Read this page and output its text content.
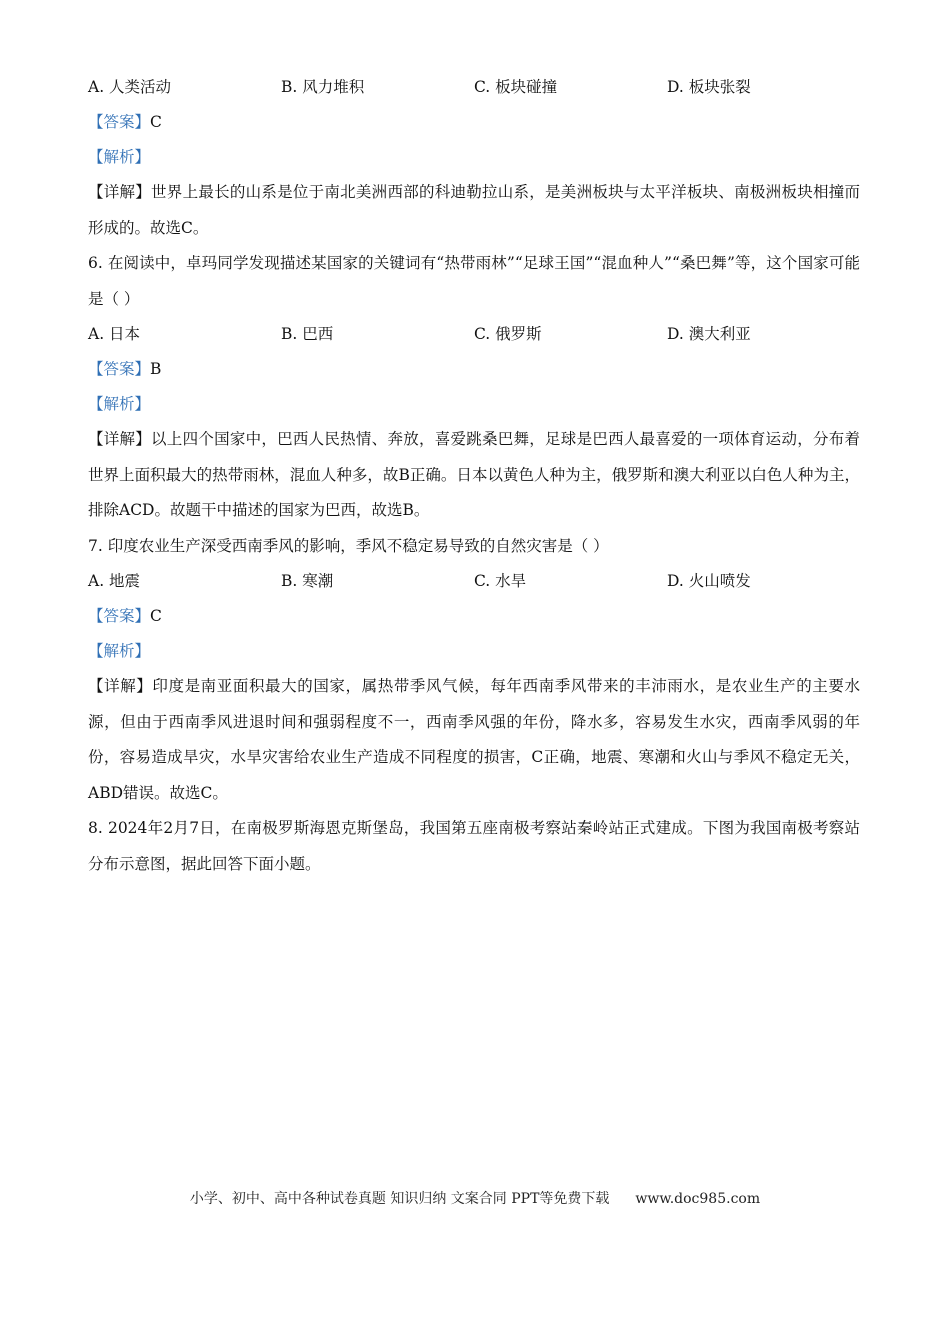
A. 人类活动	B. 风力堆积	C. 板块碰撞	D. 板块张裂
【答案】C
【解析】
【详解】世界上最长的山系是位于南北美洲西部的科迪勒拉山系，是美洲板块与太平洋板块、南极洲板块相撞而形成的。故选C。
6. 在阅读中，卓玛同学发现描述某国家的关键词有“热带雨林”“足球王国”“混血种人”“桑巴舞”等，这个国家可能是（ ）
A. 日本	B. 巴西	C. 俄罗斯	D. 澳大利亚
【答案】B
【解析】
【详解】以上四个国家中，巴西人民热情、奔放，喜爱跳桑巴舞，足球是巴西人最喜爱的一项体育运动，分布着世界上面积最大的热带雨林，混血人种多，故B正确。日本以黄色人种为主，俄罗斯和澳大利亚以白色人种为主，排除ACD。故题干中描述的国家为巴西，故选B。
7. 印度农业生产深受西南季风的影响，季风不稳定易导致的自然灾害是（ ）
A. 地震	B. 寒潮	C. 水旱	D. 火山喷发
【答案】C
【解析】
【详解】印度是南亚面积最大的国家，属热带季风气候，每年西南季风带来的丰沛雨水，是农业生产的主要水源，但由于西南季风进退时间和强弱程度不一，西南季风强的年份，降水多，容易发生水灾，西南季风弱的年份，容易造成旱灾，水旱灾害给农业生产造成不同程度的损害，C正确，地震、寒潮和火山与季风不稳定无关，ABD错误。故选C。
8. 2024年2月7日，在南极罗斯海恩克斯堡岛，我国第五座南极考察站秦岭站正式建成。下图为我国南极考察站分布示意图，据此回答下面小题。
小学、初中、高中各种试卷真题 知识归纳 文案合同 PPT等免费下载 www.doc985.com
